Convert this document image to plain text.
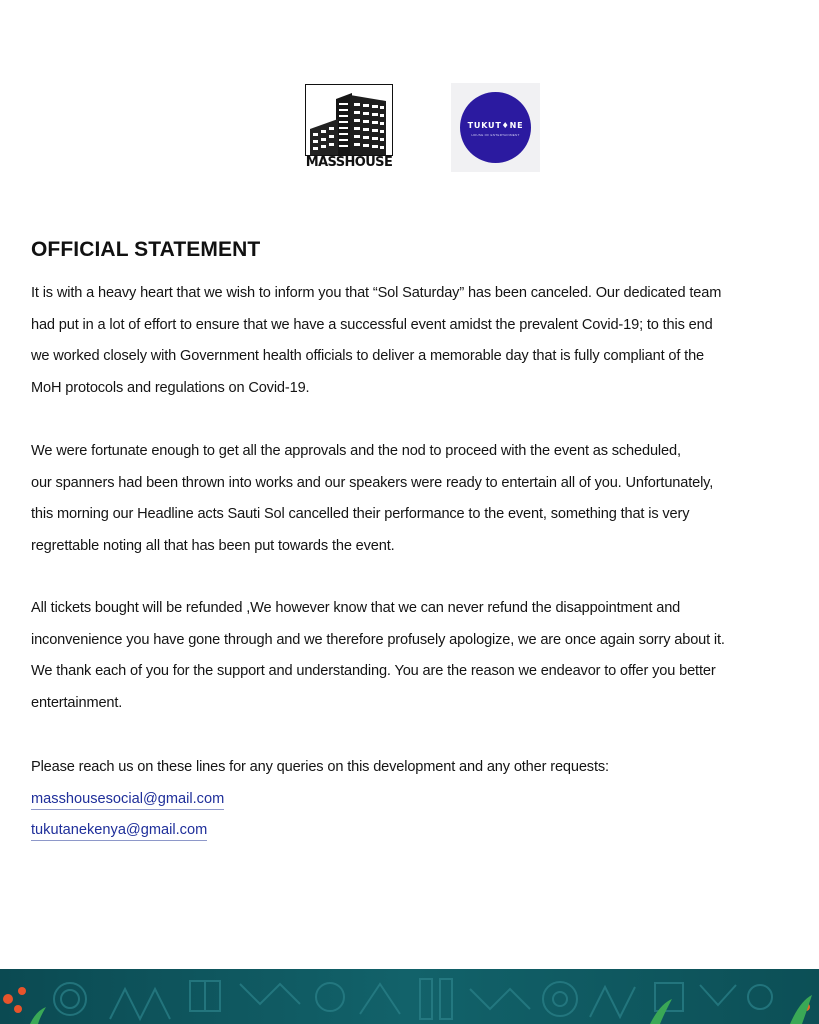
MASSHOUSE
TUKUT♦NE
HOUSE OF ENTERTAINMENT
OFFICIAL STATEMENT

It is with a heavy heart that we wish to inform you that “Sol Saturday” has been canceled. Our dedicated team
had put in a lot of effort to ensure that we have a successful event amidst the prevalent Covid-19; to this end
we worked closely with Government health officials to deliver a memorable day that is fully compliant of the
MoH protocols and regulations on Covid-19.

We were fortunate enough to get all the approvals and the nod to proceed with the event as scheduled,
our spanners had been thrown into works and our speakers were ready to entertain all of you. Unfortunately,
this morning our Headline acts Sauti Sol cancelled their performance to the event, something that is very
regrettable noting all that has been put towards the event.

All tickets bought will be refunded ,We however know that we can never refund the disappointment and
inconvenience you have gone through and we therefore profusely apologize, we are once again sorry about it.
We thank each of you for the support and understanding. You are the reason we endeavor to offer you better
entertainment.

Please reach us on these lines for any queries on this development and any other requests:

masshousesocial@gmail.com
tukutanekenya@gmail.com
